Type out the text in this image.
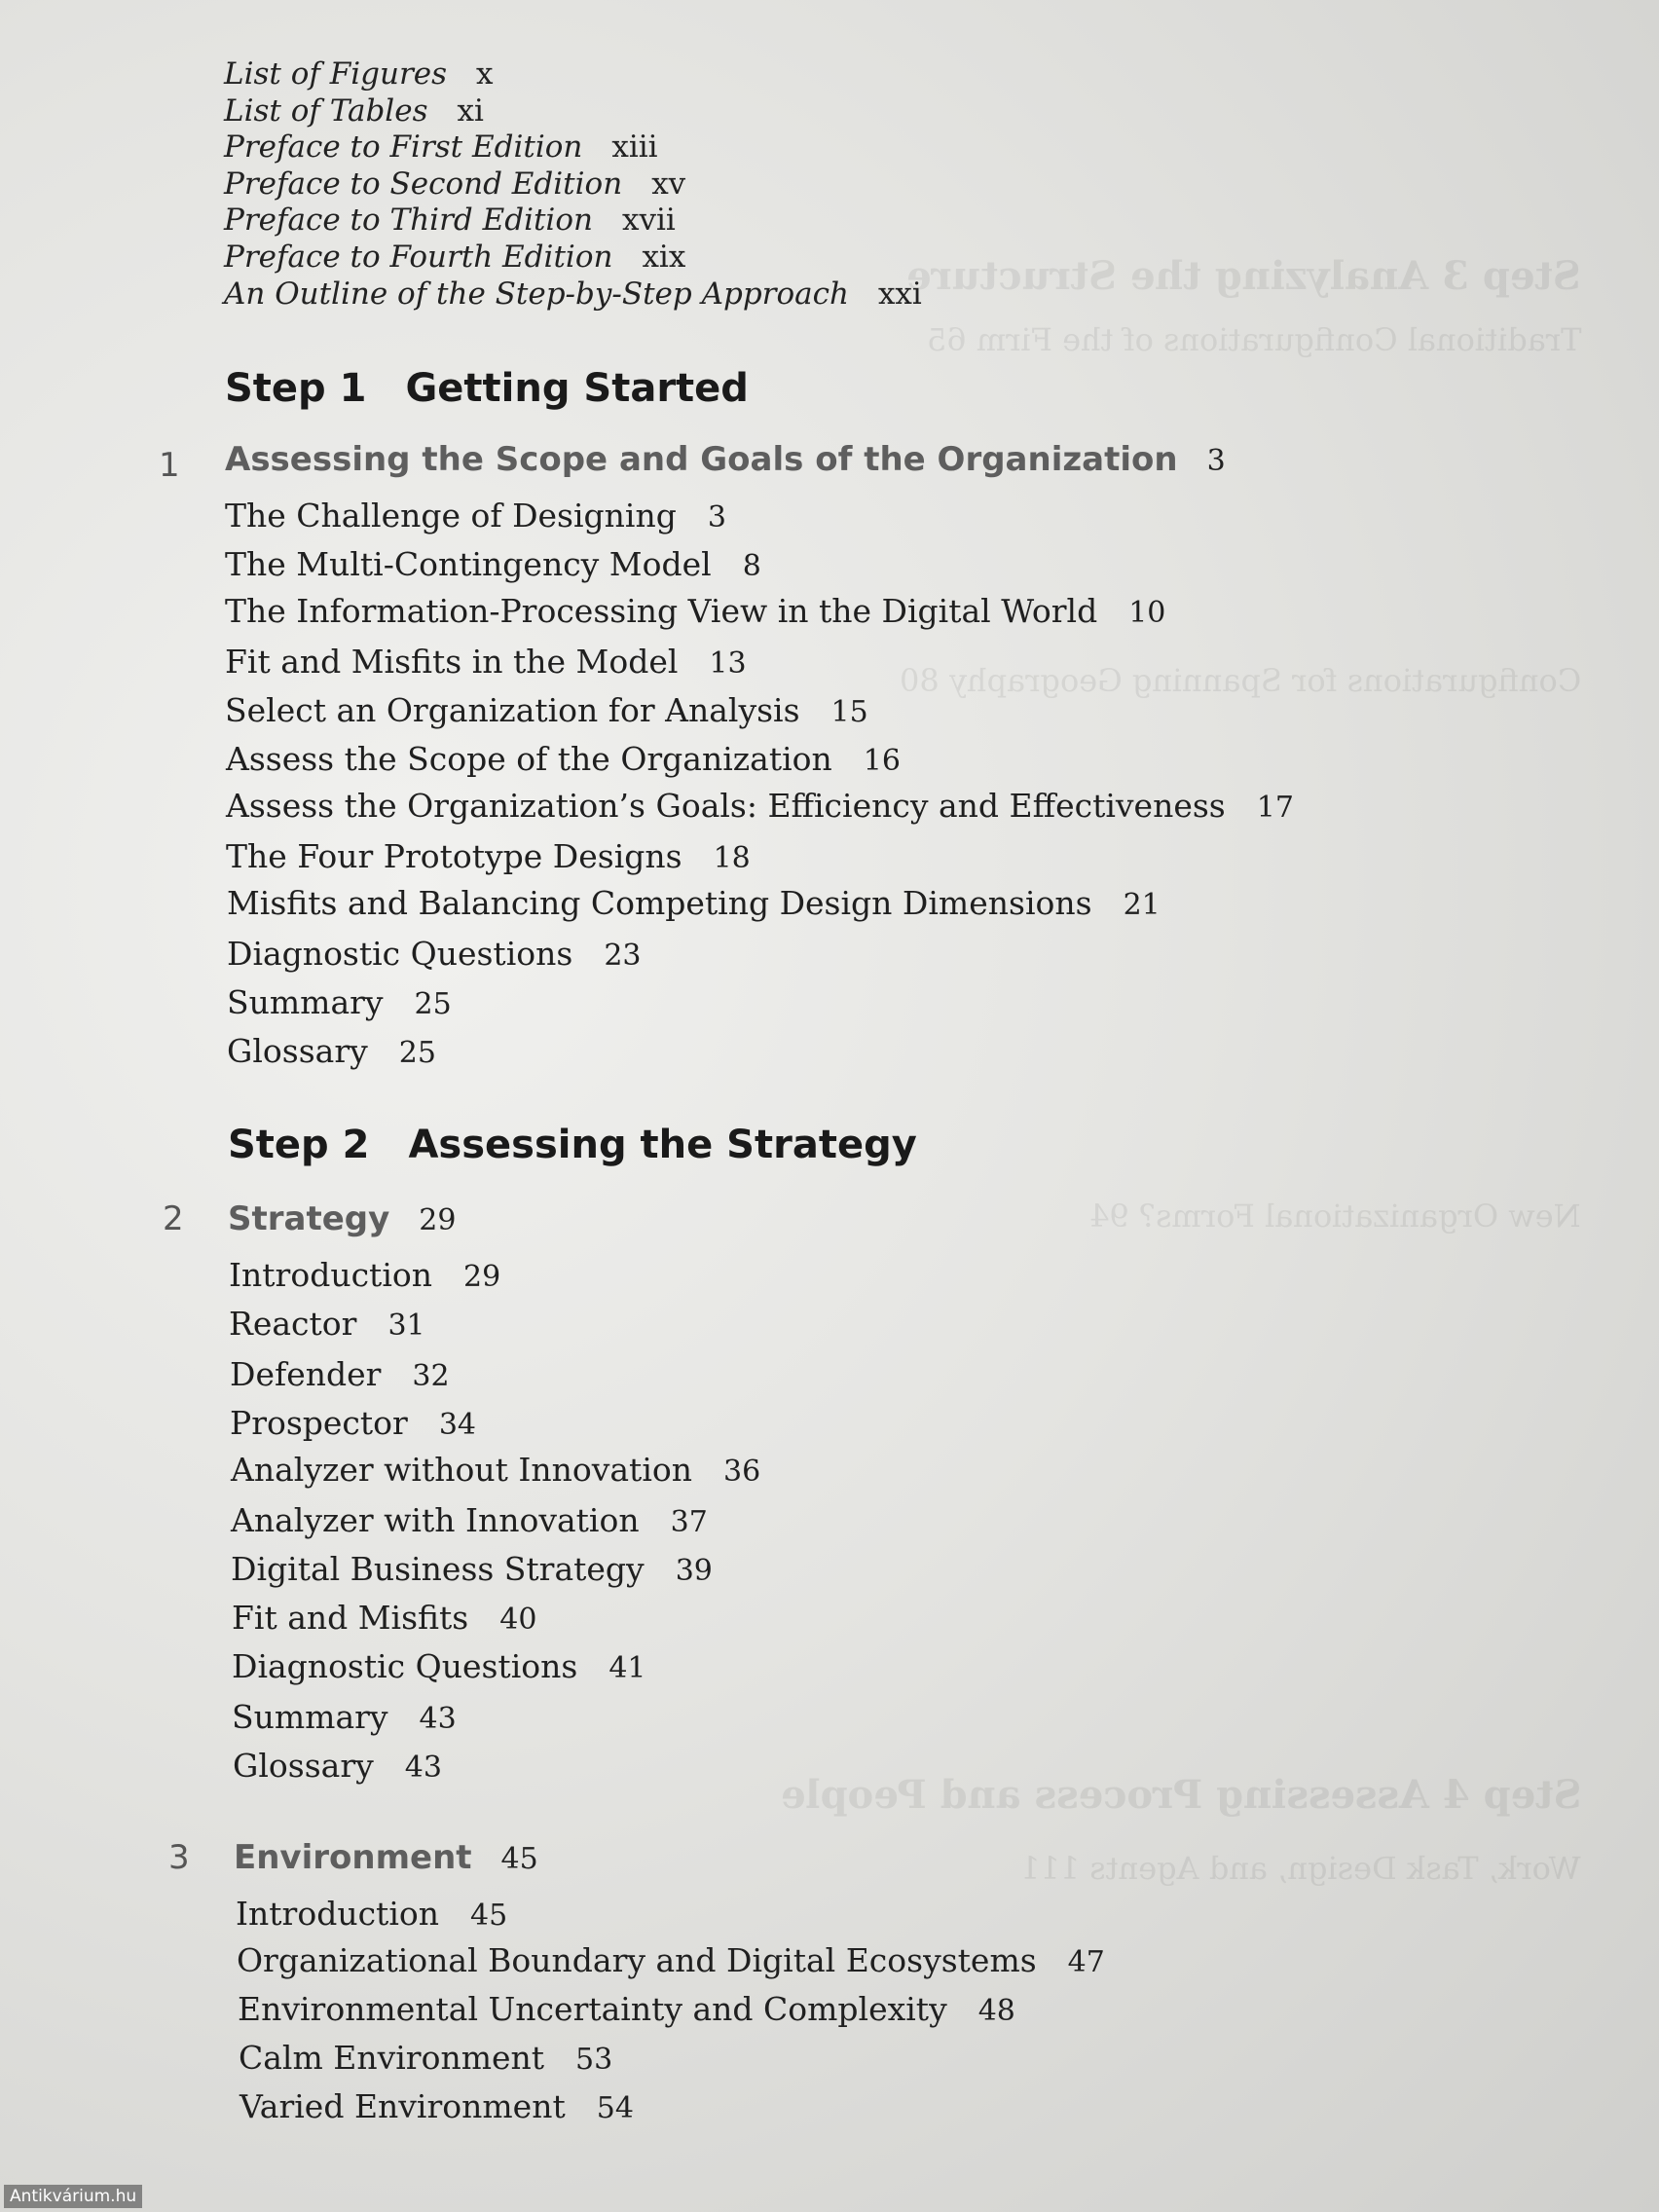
Step 3 Analyzing the Structure
Traditional Configurations of the Firm 65
Configurations for Spanning Geography 80
New Organizational Forms? 94
Step 4 Assessing Process and People
Work, Task Design, and Agents 111
List of Figures x
List of Tables xi
Preface to First Edition xiii
Preface to Second Edition xv
Preface to Third Edition xvii
Preface to Fourth Edition xix
An Outline of the Step-by-Step Approach xxi
Step 1 Getting Started
1 Assessing the Scope and Goals of the Organization 3
The Challenge of Designing 3
The Multi-Contingency Model 8
The Information-Processing View in the Digital World 10
Fit and Misfits in the Model 13
Select an Organization for Analysis 15
Assess the Scope of the Organization 16
Assess the Organization’s Goals: Efficiency and Effectiveness 17
The Four Prototype Designs 18
Misfits and Balancing Competing Design Dimensions 21
Diagnostic Questions 23
Summary 25
Glossary 25
Step 2 Assessing the Strategy
2 Strategy 29
Introduction 29
Reactor 31
Defender 32
Prospector 34
Analyzer without Innovation 36
Analyzer with Innovation 37
Digital Business Strategy 39
Fit and Misfits 40
Diagnostic Questions 41
Summary 43
Glossary 43
3 Environment 45
Introduction 45
Organizational Boundary and Digital Ecosystems 47
Environmental Uncertainty and Complexity 48
Calm Environment 53
Varied Environment 54
Antikvárium.hu
